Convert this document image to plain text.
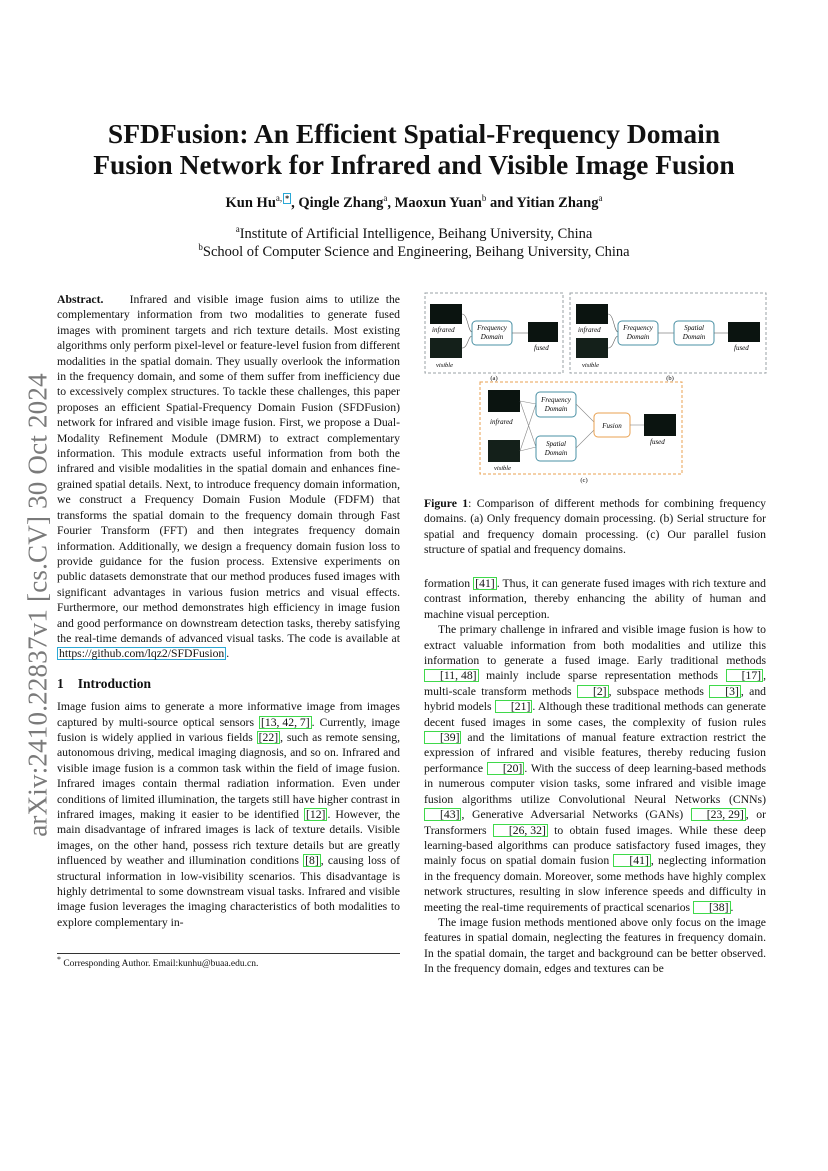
arXiv:2410.22837v1 [cs.CV] 30 Oct 2024
SFDFusion: An Efficient Spatial-Frequency Domain
Fusion Network for Infrared and Visible Image Fusion
Kun $Hu^{a,}$ * , Qingle Zhang$^a$, Maoxun Yuan$^b$ and Yitian Zhang$^a$
$^a$Institute of Artificial Intelligence, Beihang University, China
$^b$School of Computer Science and Engineering, Beihang University, China

Abstract. Infrared and visible image fusion aims to utilize the complementary information from two modalities to generate fused images with prominent targets and rich texture details. Most existing algorithms only perform pixel-level or feature-level fusion from different modalities in the spatial domain. They usually overlook the information in the frequency domain, and some of them suffer from inefficiency due to excessively complex structures. To tackle these challenges, this paper proposes an efficient Spatial-Frequency Domain Fusion (SFDFusion) network for infrared and visible image fusion. First, we propose a Dual-Modality Refinement Module (DMRM) to extract complementary information. This module extracts useful information from both the infrared and visible modalities in the spatial domain and enhances fine-grained spatial details. Next, to introduce frequency domain information, we construct a Frequency Domain Fusion Module (FDFM) that transforms the spatial domain to the frequency domain through Fast Fourier Transform (FFT) and then integrates frequency domain information. Additionally, we design a frequency domain fusion loss to provide guidance for the fusion process. Extensive experiments on public datasets demonstrate that our method produces fused images with significant advantages in various fusion metrics and visual effects. Furthermore, our method demonstrates high efficiency in image fusion and good performance on downstream detection tasks, thereby satisfying the real-time demands of advanced visual tasks. The code is available at https://github.com/lqz2/SFDFusion .

1 Introduction

Image fusion aims to generate a more informative image from images captured by multi-source optical sensors [13, 42, 7] . Currently, image fusion is widely applied in various fields [22] , such as remote sensing, autonomous driving, medical imaging diagnosis, and so on. Infrared and visible image fusion is a common task within the field of image fusion. Infrared images contain thermal radiation information. Even under conditions of limited illumination, the targets still have higher contrast in infrared images, making it easier to be identified [12] . However, the main disadvantage of infrared images is lack of texture details. Visible images, on the other hand, possess rich texture details but are greatly influenced by weather and illumination conditions [8] , causing loss of structural information in low-visibility scenarios. This disadvantage is highly detrimental to some downstream visual tasks. Infrared and visible image fusion leverages the imaging characteristics of both modalities to explore complementary in-

* Corresponding Author. Email:kunhu@buaa.edu.cn.
infrared
visible
Frequency
Domain
fused
(a)
infrared
visible
Frequency
Domain
Spatial
Domain
fused
(b)
infrared
visible
Frequency
Domain
Spatial
Domain
Fusion
fused
(c)
Figure 1: Comparison of different methods for combining frequency domains. (a) Only frequency domain processing. (b) Serial structure for spatial and frequency domain processing. (c) Our parallel fusion structure of spatial and frequency domains.

formation [41] . Thus, it can generate fused images with rich texture and contrast information, thereby enhancing the ability of human and machine visual perception.

The primary challenge in infrared and visible image fusion is how to extract valuable information from both modalities and utilize this information to generate a fused image. Early traditional methods [11, 48] mainly include sparse representation methods [17] , multi-scale transform methods [2] , subspace methods [3] , and hybrid models [21] . Although these traditional methods can generate decent fused images in some cases, the complexity of fusion rules [39] and the limitations of manual feature extraction restrict the expression of infrared and visible features, thereby reducing fusion performance [20] . With the success of deep learning-based methods in numerous computer vision tasks, some infrared and visible image fusion algorithms utilize Convolutional Neural Networks (CNNs) [43] , Generative Adversarial Networks (GANs) [23, 29] , or Transformers [26, 32] to obtain fused images. While these deep learning-based algorithms can produce satisfactory fused images, they mainly focus on spatial domain fusion [41] , neglecting information in the frequency domain. Moreover, some methods have highly complex network structures, resulting in slow inference speeds and difficulty in meeting the real-time requirements of practical scenarios [38] .

The image fusion methods mentioned above only focus on the image features in spatial domain, neglecting the features in frequency domain. In the spatial domain, the target and background can be better observed. In the frequency domain, edges and textures can be
